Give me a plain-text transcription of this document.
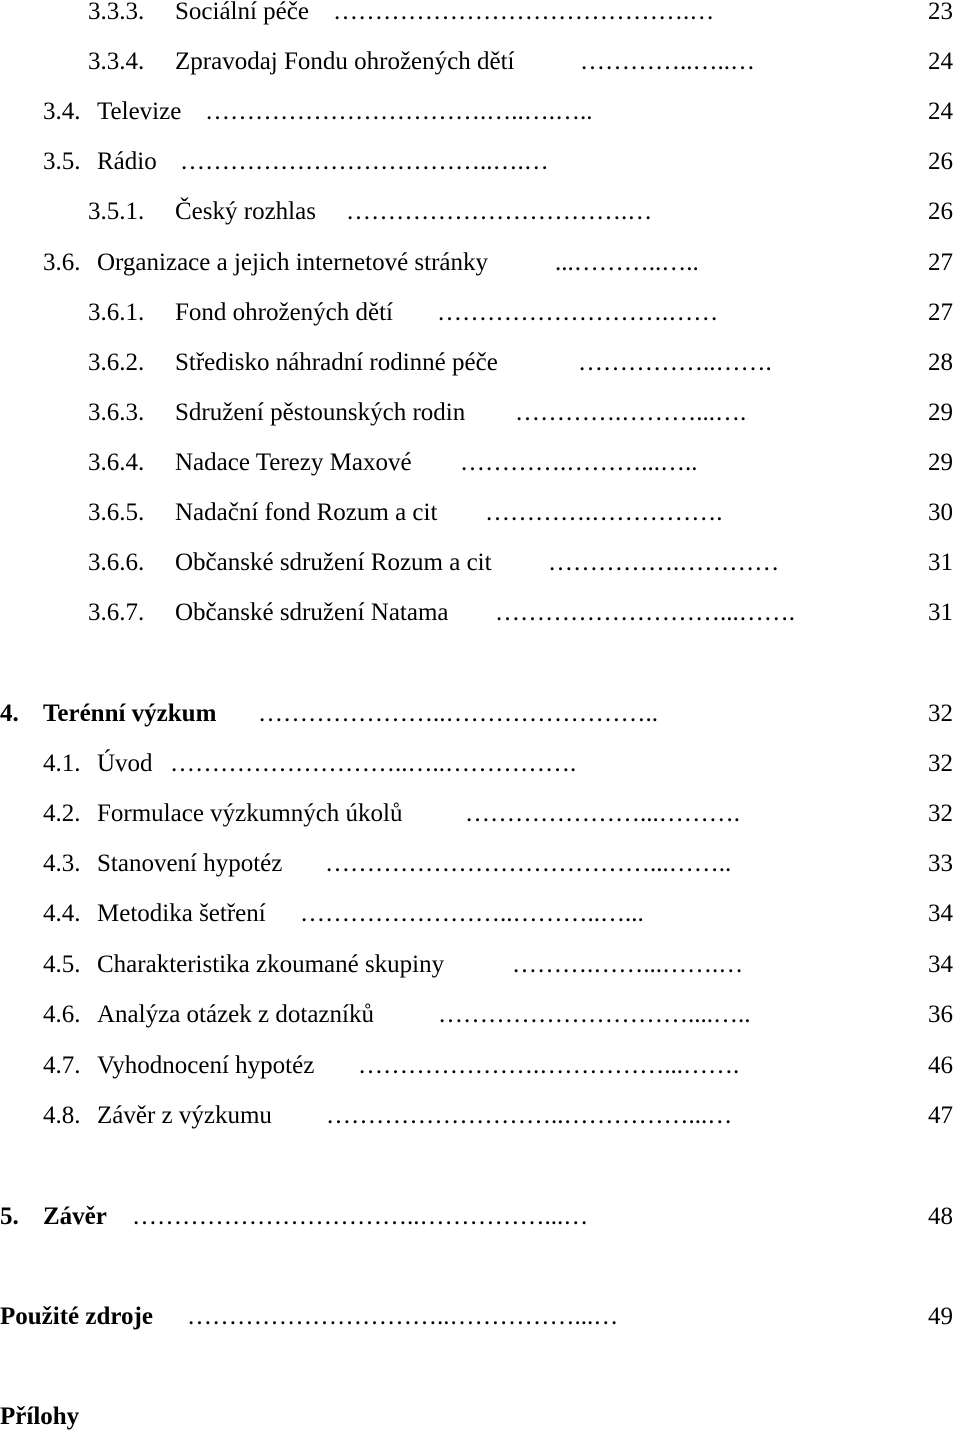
3.3.3. Sociální péče …………………………………….…	23
3.3.4. Zpravodaj Fondu ohrožených dětí	…………..…..…	24
3.4. Televize …………………………….…..….…..	24
3.5. Rádio ………………………………..….…	26
3.5.1. Český rozhlas …………………………….…	26
3.6. Organizace a jejich internetové stránky	...………..…..	27
3.6.1. Fond ohrožených dětí ……………………….……	27
3.6.2. Středisko náhradní rodinné péče	……………..…….	28
3.6.3. Sdružení pěstounských rodin ………….………...….	29
3.6.4. Nadace Terezy Maxové ………….………...…..	29
3.6.5. Nadační fond Rozum a cit ………….…………….	30
3.6.6. Občanské sdružení Rozum a cit …………….…………	31
3.6.7. Občanské sdružení Natama ………………………...…….	31
4. Terénní výzkum …………………..……………………..	32
4.1. Úvod ………………………..…..…………….	32
4.2. Formulace výzkumných úkolů	…………………...……….	32
4.3. Stanovení hypotéz …………………………………...……..	33
4.4. Metodika šetření ……………………..………..…...	34
4.5. Charakteristika zkoumané skupiny	……….……...…….…	34
4.6. Analýza otázek z dotazníků	…………………………....…..	36
4.7. Vyhodnocení hypotéz ………………….……………...…….	46
4.8. Závěr z výzkumu ………………………..……………...…	47
5. Závěr ……………………………..……………...…	48
Použité zdroje …………………………..……………...…	49
Přílohy
